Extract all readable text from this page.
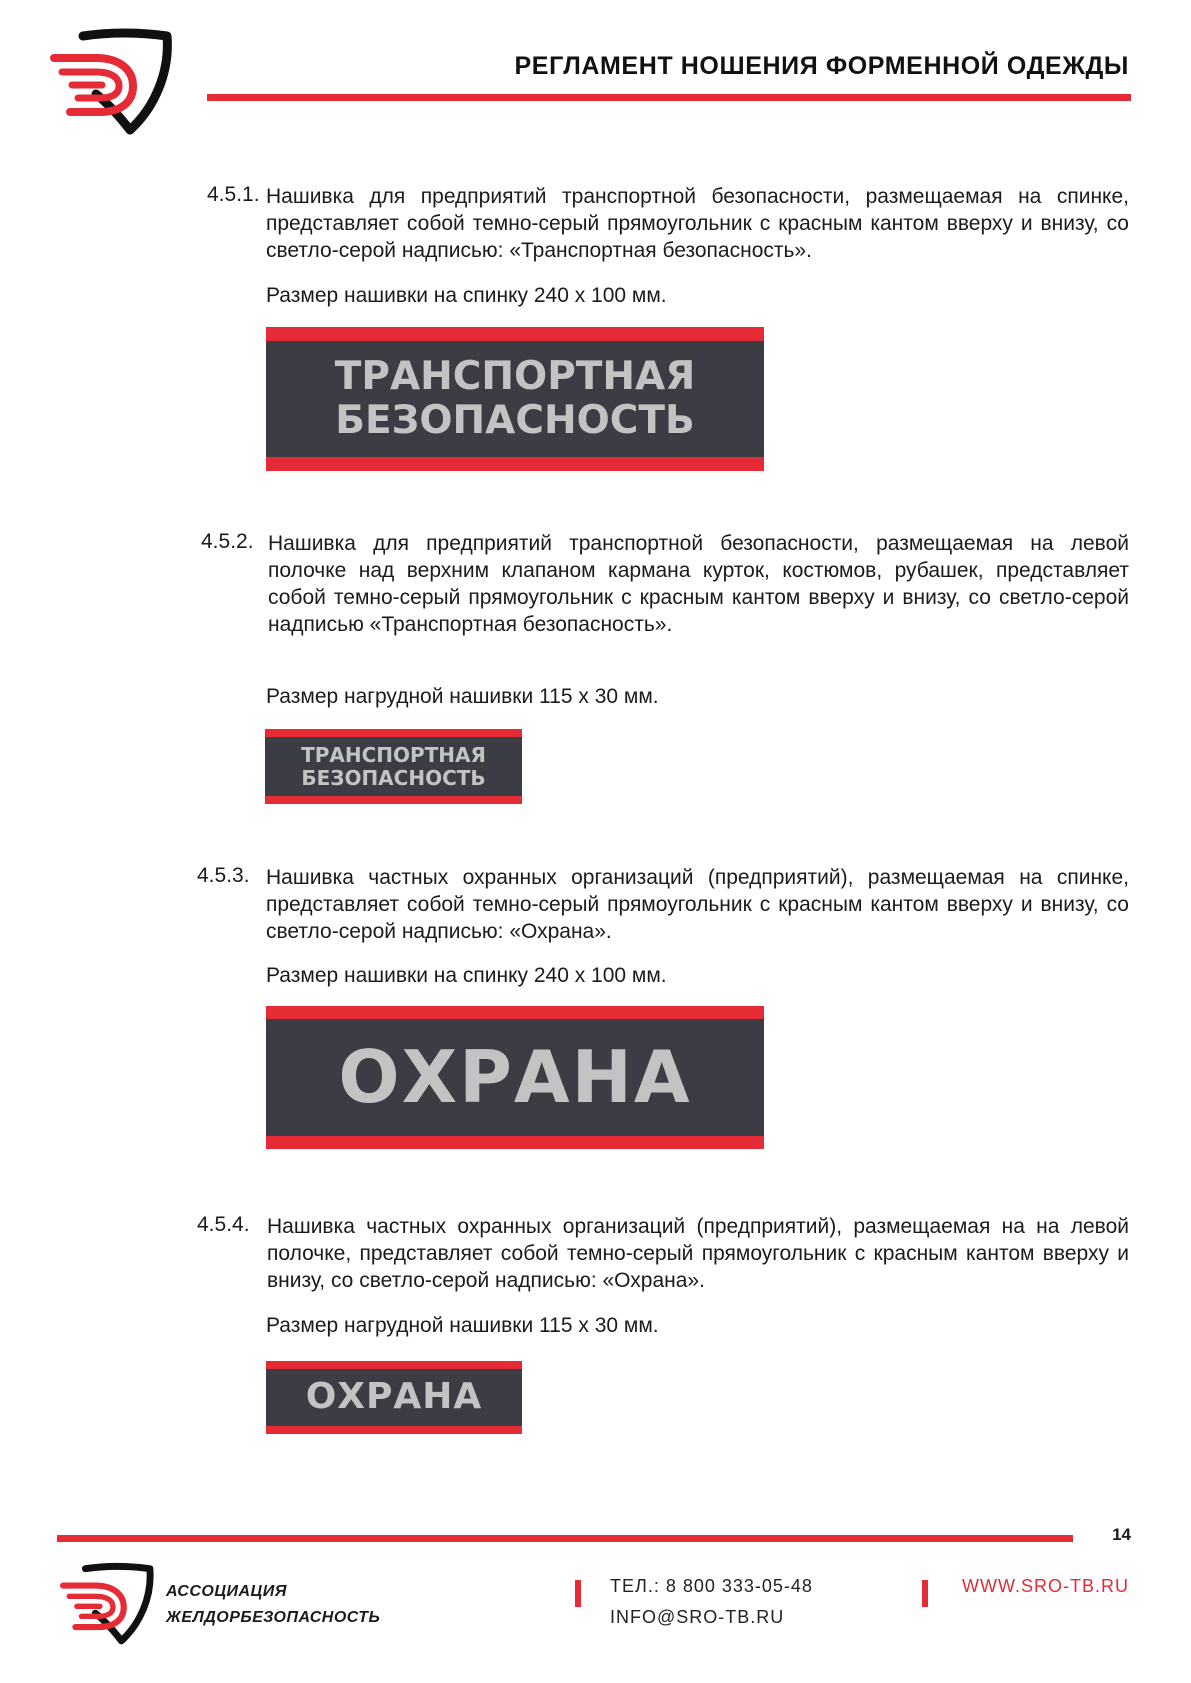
РЕГЛАМЕНТ НОШЕНИЯ ФОРМЕННОЙ ОДЕЖДЫ
4.5.1. Нашивка для предприятий транспортной безопасности, размещаемая на спинке, представляет собой темно-серый прямоугольник с красным кантом вверху и внизу, со светло-серой надписью: «Транспортная безопасность».
Размер нашивки на спинку 240 х 100 мм.
ТРАНСПОРТНАЯ
БЕЗОПАСНОСТЬ
4.5.2. Нашивка для предприятий транспортной безопасности, размещаемая на левой полочке над верхним клапаном кармана курток, костюмов, рубашек, представляет собой темно-серый прямоугольник с красным кантом вверху и внизу, со светло-серой надписью «Транспортная безопасность».
Размер нагрудной нашивки 115 х 30 мм.
ТРАНСПОРТНАЯ
БЕЗОПАСНОСТЬ
4.5.3. Нашивка частных охранных организаций (предприятий), размещаемая на спинке, представляет собой темно-серый прямоугольник с красным кантом вверху и внизу, со светло-серой надписью: «Охрана».
Размер нашивки на спинку 240 х 100 мм.
ОХРАНА
4.5.4. Нашивка частных охранных организаций (предприятий), размещаемая на на левой полочке, представляет собой темно-серый прямоугольник с красным кантом вверху и внизу, со светло-серой надписью: «Охрана».
Размер нагрудной нашивки 115 х 30 мм.
ОХРАНА
14
АССОЦИАЦИЯ
ЖЕЛДОРБЕЗОПАСНОСТЬ
ТЕЛ.: 8 800 333-05-48
INFO@SRO-TB.RU
WWW.SRO-TB.RU
